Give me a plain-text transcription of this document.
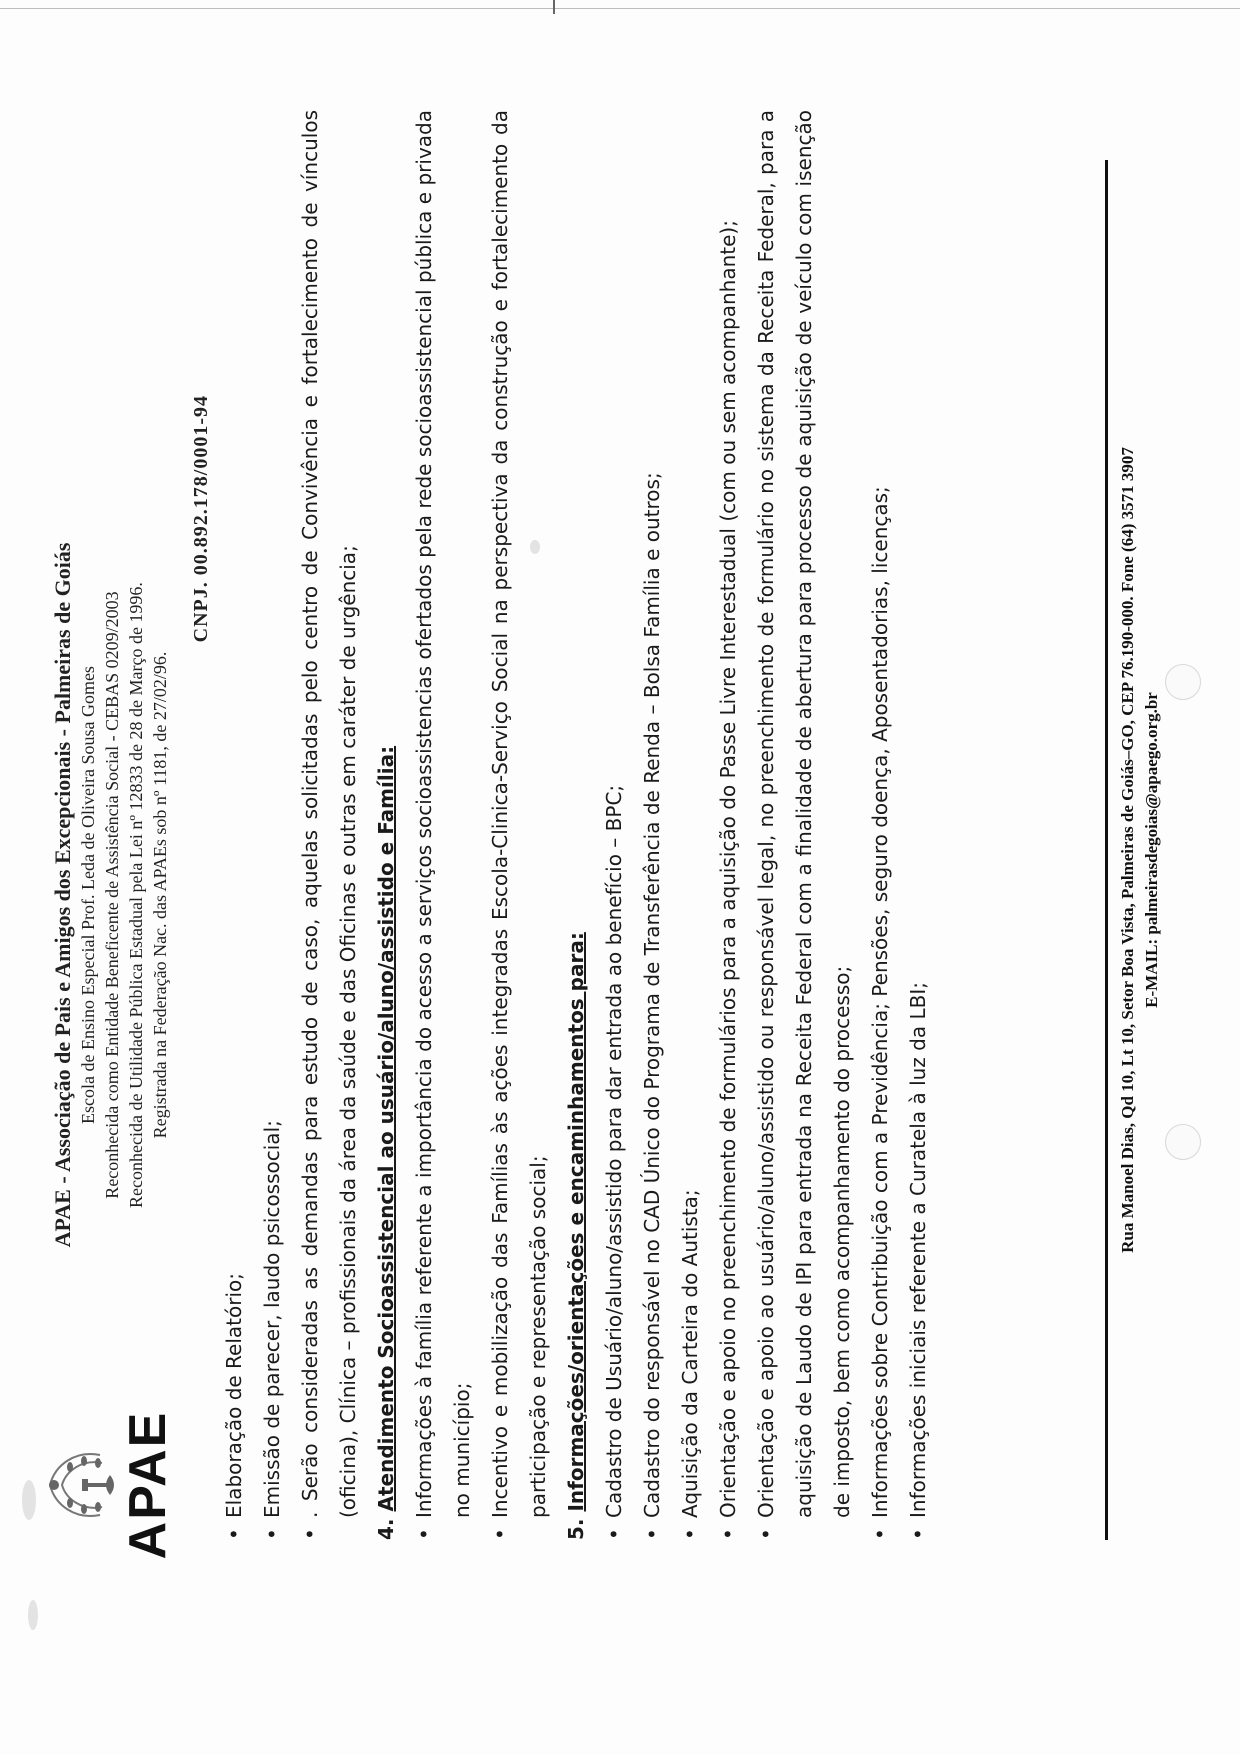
APAE
APAE - Associação de Pais e Amigos dos Excepcionais - Palmeiras de Goiás Escola de Ensino Especial Prof. Leda de Oliveira Sousa Gomes Reconhecida como Entidade Beneficente de Assistência Social - CEBAS 0209/2003 Reconhecida de Utilidade Pública Estadual pela Lei nº 12833 de 28 de Março de 1996. Registrada na Federação Nac. das APAEs sob nº 1181, de 27/02/96.
CNPJ. 00.892.178/0001-94
•
Elaboração de Relatório;
•
Emissão de parecer, laudo psicossocial;
•
. Serão consideradas as demandas para estudo de caso, aquelas solicitadas pelo centro de Convivência e fortalecimento de vínculos (oficina), Clínica – profissionais da área da saúde e das Oficinas e outras em caráter de urgência;
4. Atendimento Socioassistencial ao usuário/aluno/assistido e Família:
•
Informações à família referente a importância do acesso a serviços socioassistencias ofertados pela rede socioassistencial pública e privada no município;
•
Incentivo e mobilização das Famílias às ações integradas Escola-Clinica-Serviço Social na perspectiva da construção e fortalecimento da participação e representação social;
5. Informações/orientações e encaminhamentos para:
•
Cadastro de Usuário/aluno/assistido para dar entrada ao benefício – BPC;
•
Cadastro do responsável no CAD Único do Programa de Transferência de Renda – Bolsa Família e outros;
•
Aquisição da Carteira do Autista;
•
Orientação e apoio no preenchimento de formulários para a aquisição do Passe Livre Interestadual (com ou sem acompanhante);
•
Orientação e apoio ao usuário/aluno/assistido ou responsável legal, no preenchimento de formulário no sistema da Receita Federal, para a aquisição de Laudo de IPI para entrada na Receita Federal com a finalidade de abertura para processo de aquisição de veículo com isenção de imposto, bem como acompanhamento do processo;
•
Informações sobre Contribuição com a Previdência; Pensões, seguro doença, Aposentadorias, licenças;
•
Informações iniciais referente a Curatela à luz da LBI;	Rua Manoel Dias, Qd 10, Lt 10, Setor Boa Vista, Palmeiras de Goiás–GO, CEP 76.190-000. Fone (64) 3571 3907 E-MAIL: palmeirasdegoias@apaego.org.br
